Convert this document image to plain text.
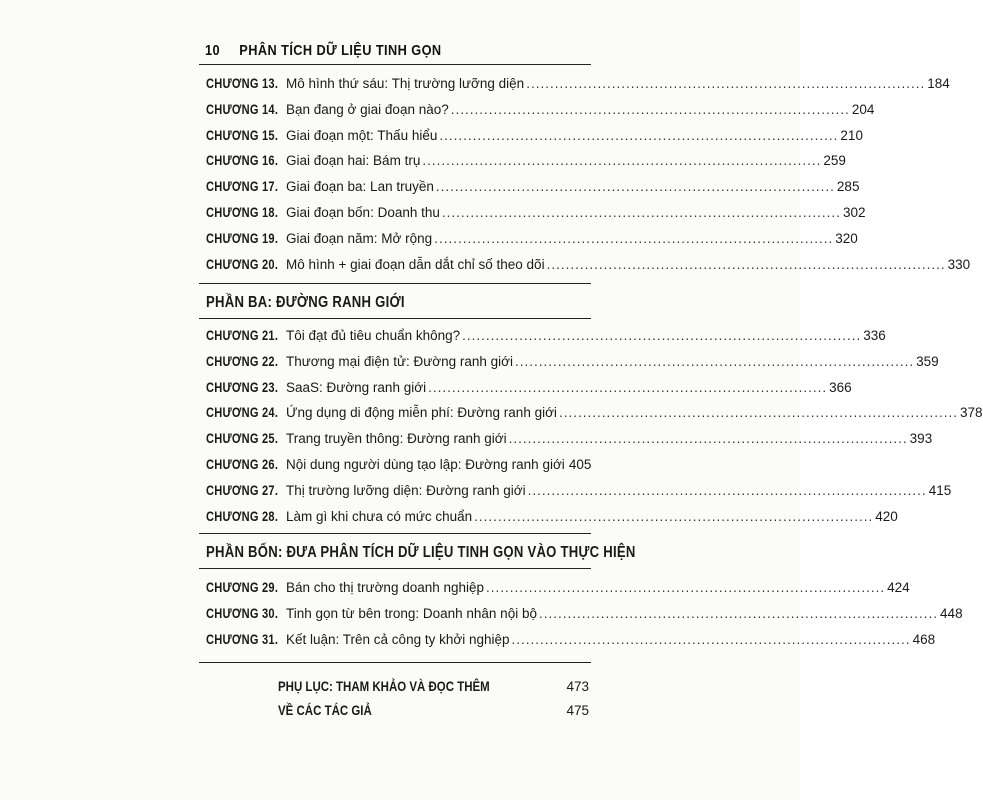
10 PHÂN TÍCH DỮ LIỆU TINH GỌN
CHƯƠNG 13. Mô hình thứ sáu: Thị trường lưỡng diện .................................................................................... 184
CHƯƠNG 14. Bạn đang ở giai đoạn nào? .................................................................................... 204
CHƯƠNG 15. Giai đoạn một: Thấu hiểu .................................................................................... 210
CHƯƠNG 16. Giai đoạn hai: Bám trụ .................................................................................... 259
CHƯƠNG 17. Giai đoạn ba: Lan truyền .................................................................................... 285
CHƯƠNG 18. Giai đoạn bốn: Doanh thu .................................................................................... 302
CHƯƠNG 19. Giai đoạn năm: Mở rộng .................................................................................... 320
CHƯƠNG 20. Mô hình + giai đoạn dẫn dắt chỉ số theo dõi .................................................................................... 330
PHẦN BA: ĐƯỜNG RANH GIỚI
CHƯƠNG 21. Tôi đạt đủ tiêu chuẩn không? .................................................................................... 336
CHƯƠNG 22. Thương mại điện tử: Đường ranh giới .................................................................................... 359
CHƯƠNG 23. SaaS: Đường ranh giới .................................................................................... 366
CHƯƠNG 24. Ứng dụng di động miễn phí: Đường ranh giới .................................................................................... 378
CHƯƠNG 25. Trang truyền thông: Đường ranh giới .................................................................................... 393
CHƯƠNG 26. Nội dung người dùng tạo lập: Đường ranh giới 405
CHƯƠNG 27. Thị trường lưỡng diện: Đường ranh giới .................................................................................... 415
CHƯƠNG 28. Làm gì khi chưa có mức chuẩn .................................................................................... 420
PHẦN BỐN: ĐƯA PHÂN TÍCH DỮ LIỆU TINH GỌN VÀO THỰC HIỆN
CHƯƠNG 29. Bán cho thị trường doanh nghiệp .................................................................................... 424
CHƯƠNG 30. Tinh gọn từ bên trong: Doanh nhân nội bộ .................................................................................... 448
CHƯƠNG 31. Kết luận: Trên cả công ty khởi nghiệp .................................................................................... 468
PHỤ LỤC: THAM KHẢO VÀ ĐỌC THÊM	473
VỀ CÁC TÁC GIẢ	475
